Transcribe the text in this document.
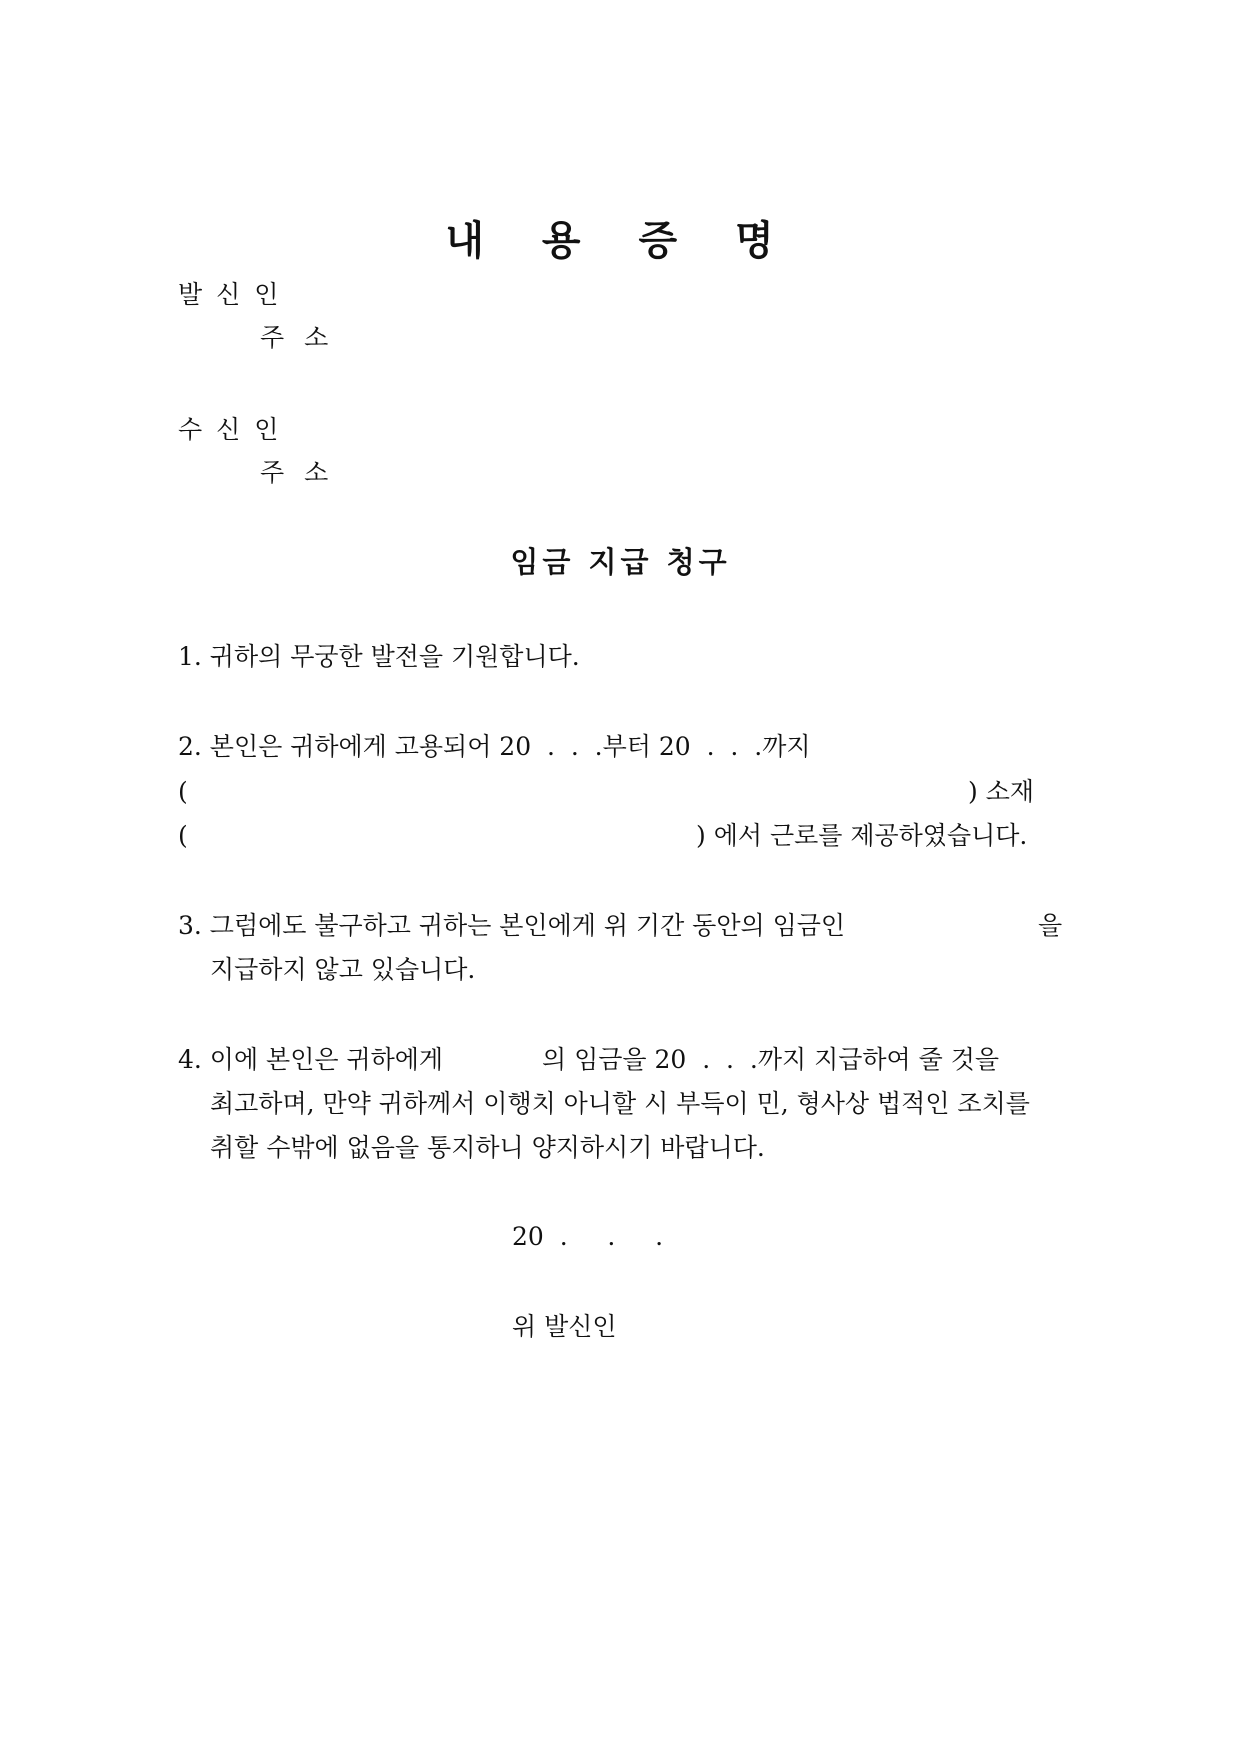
내 용 증 명
발 신 인
주 소
수 신 인
주 소
임금 지급 청구
1. 귀하의 무궁한 발전을 기원합니다.
2. 본인은 귀하에게 고용되어 20  .  .  .부터 20  .  .  .까지
(	) 소재
(	) 에서 근로를 제공하였습니다.
3. 그럼에도 불구하고 귀하는 본인에게 위 기간 동안의 임금인	을
지급하지 않고 있습니다.
4. 이에 본인은 귀하에게	의 임금을 20  .  .  .까지 지급하여 줄 것을
최고하며, 만약 귀하께서 이행치 아니할 시 부득이 민, 형사상 법적인 조치를
취할 수밖에 없음을 통지하니 양지하시기 바랍니다.
20  .     .     .
위 발신인
